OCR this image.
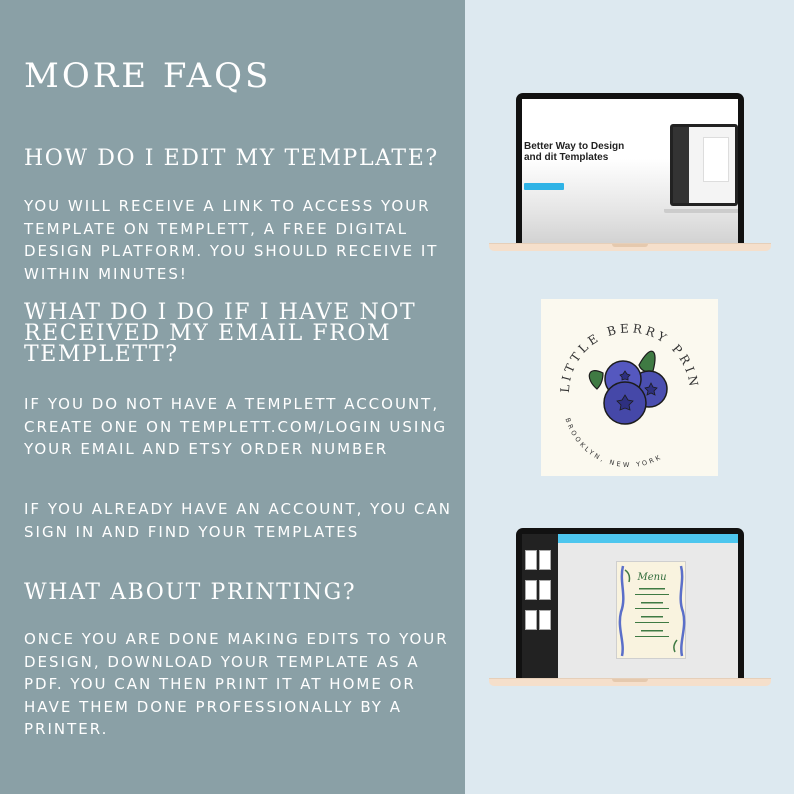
MORE FAQS
HOW DO I EDIT MY TEMPLATE?

YOU WILL RECEIVE A LINK TO ACCESS YOUR TEMPLATE ON TEMPLETT, A FREE DIGITAL DESIGN PLATFORM. YOU SHOULD RECEIVE IT WITHIN MINUTES!

WHAT DO I DO IF I HAVE NOT RECEIVED MY EMAIL FROM TEMPLETT?

IF YOU DO NOT HAVE A TEMPLETT ACCOUNT, CREATE ONE ON TEMPLETT.COM/LOGIN USING YOUR EMAIL AND ETSY ORDER NUMBER

IF YOU ALREADY HAVE AN ACCOUNT, YOU CAN SIGN IN AND FIND YOUR TEMPLATES

WHAT ABOUT PRINTING?

ONCE YOU ARE DONE MAKING EDITS TO YOUR DESIGN, DOWNLOAD YOUR TEMPLATE AS A PDF. YOU CAN THEN PRINT IT AT HOME OR HAVE THEM DONE PROFESSIONALLY BY A PRINTER.

Better Way to Design and dit Templates
LITTLE BERRY PRIN
BROOKLYN, NEW YORK

Menu
